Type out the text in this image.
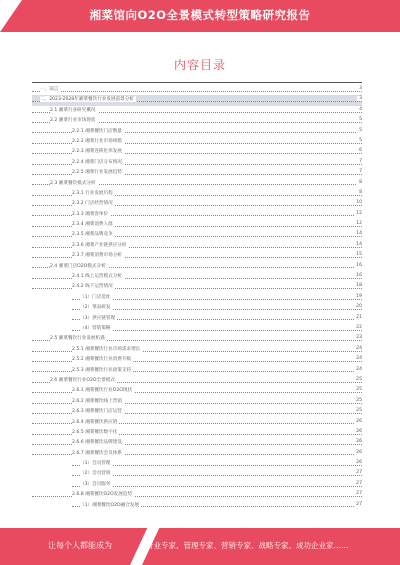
湘菜馆向O2O全景模式转型策略研究报告
内容目录
一、前言	3
二、2023-2028年湘菜餐饮行业发展前景分析	3
2.1 湘菜行业研究概况	4
2.2 湘菜行业市场现状	5
2.2.1 湘菜餐饮门店数量	5
2.2.2 湘菜行业市场规模	5
2.2.3 湘菜连锁化率发展	6
2.2.4 湘菜门店分布情况	7
2.2.5 湘菜行业发展趋势	7
2.3 湘菜餐饮模式分析	8
2.3.1 行业发展历程	8
2.3.2 门店经营情况	10
2.3.3 湘菜客单价	12
2.3.4 湘菜消费人群	12
2.3.5 湘菜品牌竞争	14
2.3.6 湘菜产业链供应分析	14
2.3.7 湘菜消费市场分析	15
2.4 湘菜门店O2O模式分析	16
2.4.1 线上运营模式分析	16
2.4.2 线下运营情况	18
（1）门店选址	19
（2）菜品研发	20
（3）供应链管理	21
（4）营销策略	22
2.5 湘菜餐饮行业发展机遇	23
2.5.1 湘菜餐饮行业市场需求增长	24
2.5.2 湘菜餐饮行业消费升级	24
2.5.3 湘菜餐饮行业政策支持	24
2.6 湘菜餐饮行业O2O全景模式	25
2.6.1 湘菜餐饮行业O2O现状	25
2.6.2 湘菜餐饮线上营销	25
2.6.3 湘菜餐饮门店运营	25
2.6.4 湘菜餐饮供应链	26
2.6.5 湘菜餐饮数字化	26
2.6.6 湘菜餐饮品牌建设	26
2.6.7 湘菜餐饮会员体系	26
（1）会员管理	26
（2）会员营销	27
（3）会员服务	27
2.6.8 湘菜餐饮O2O发展趋势	27
（1）湘菜餐饮O2O融合发展	27
让每个人都能成为	行业专家、管理专家、营销专家、战略专家、成功企业家……
